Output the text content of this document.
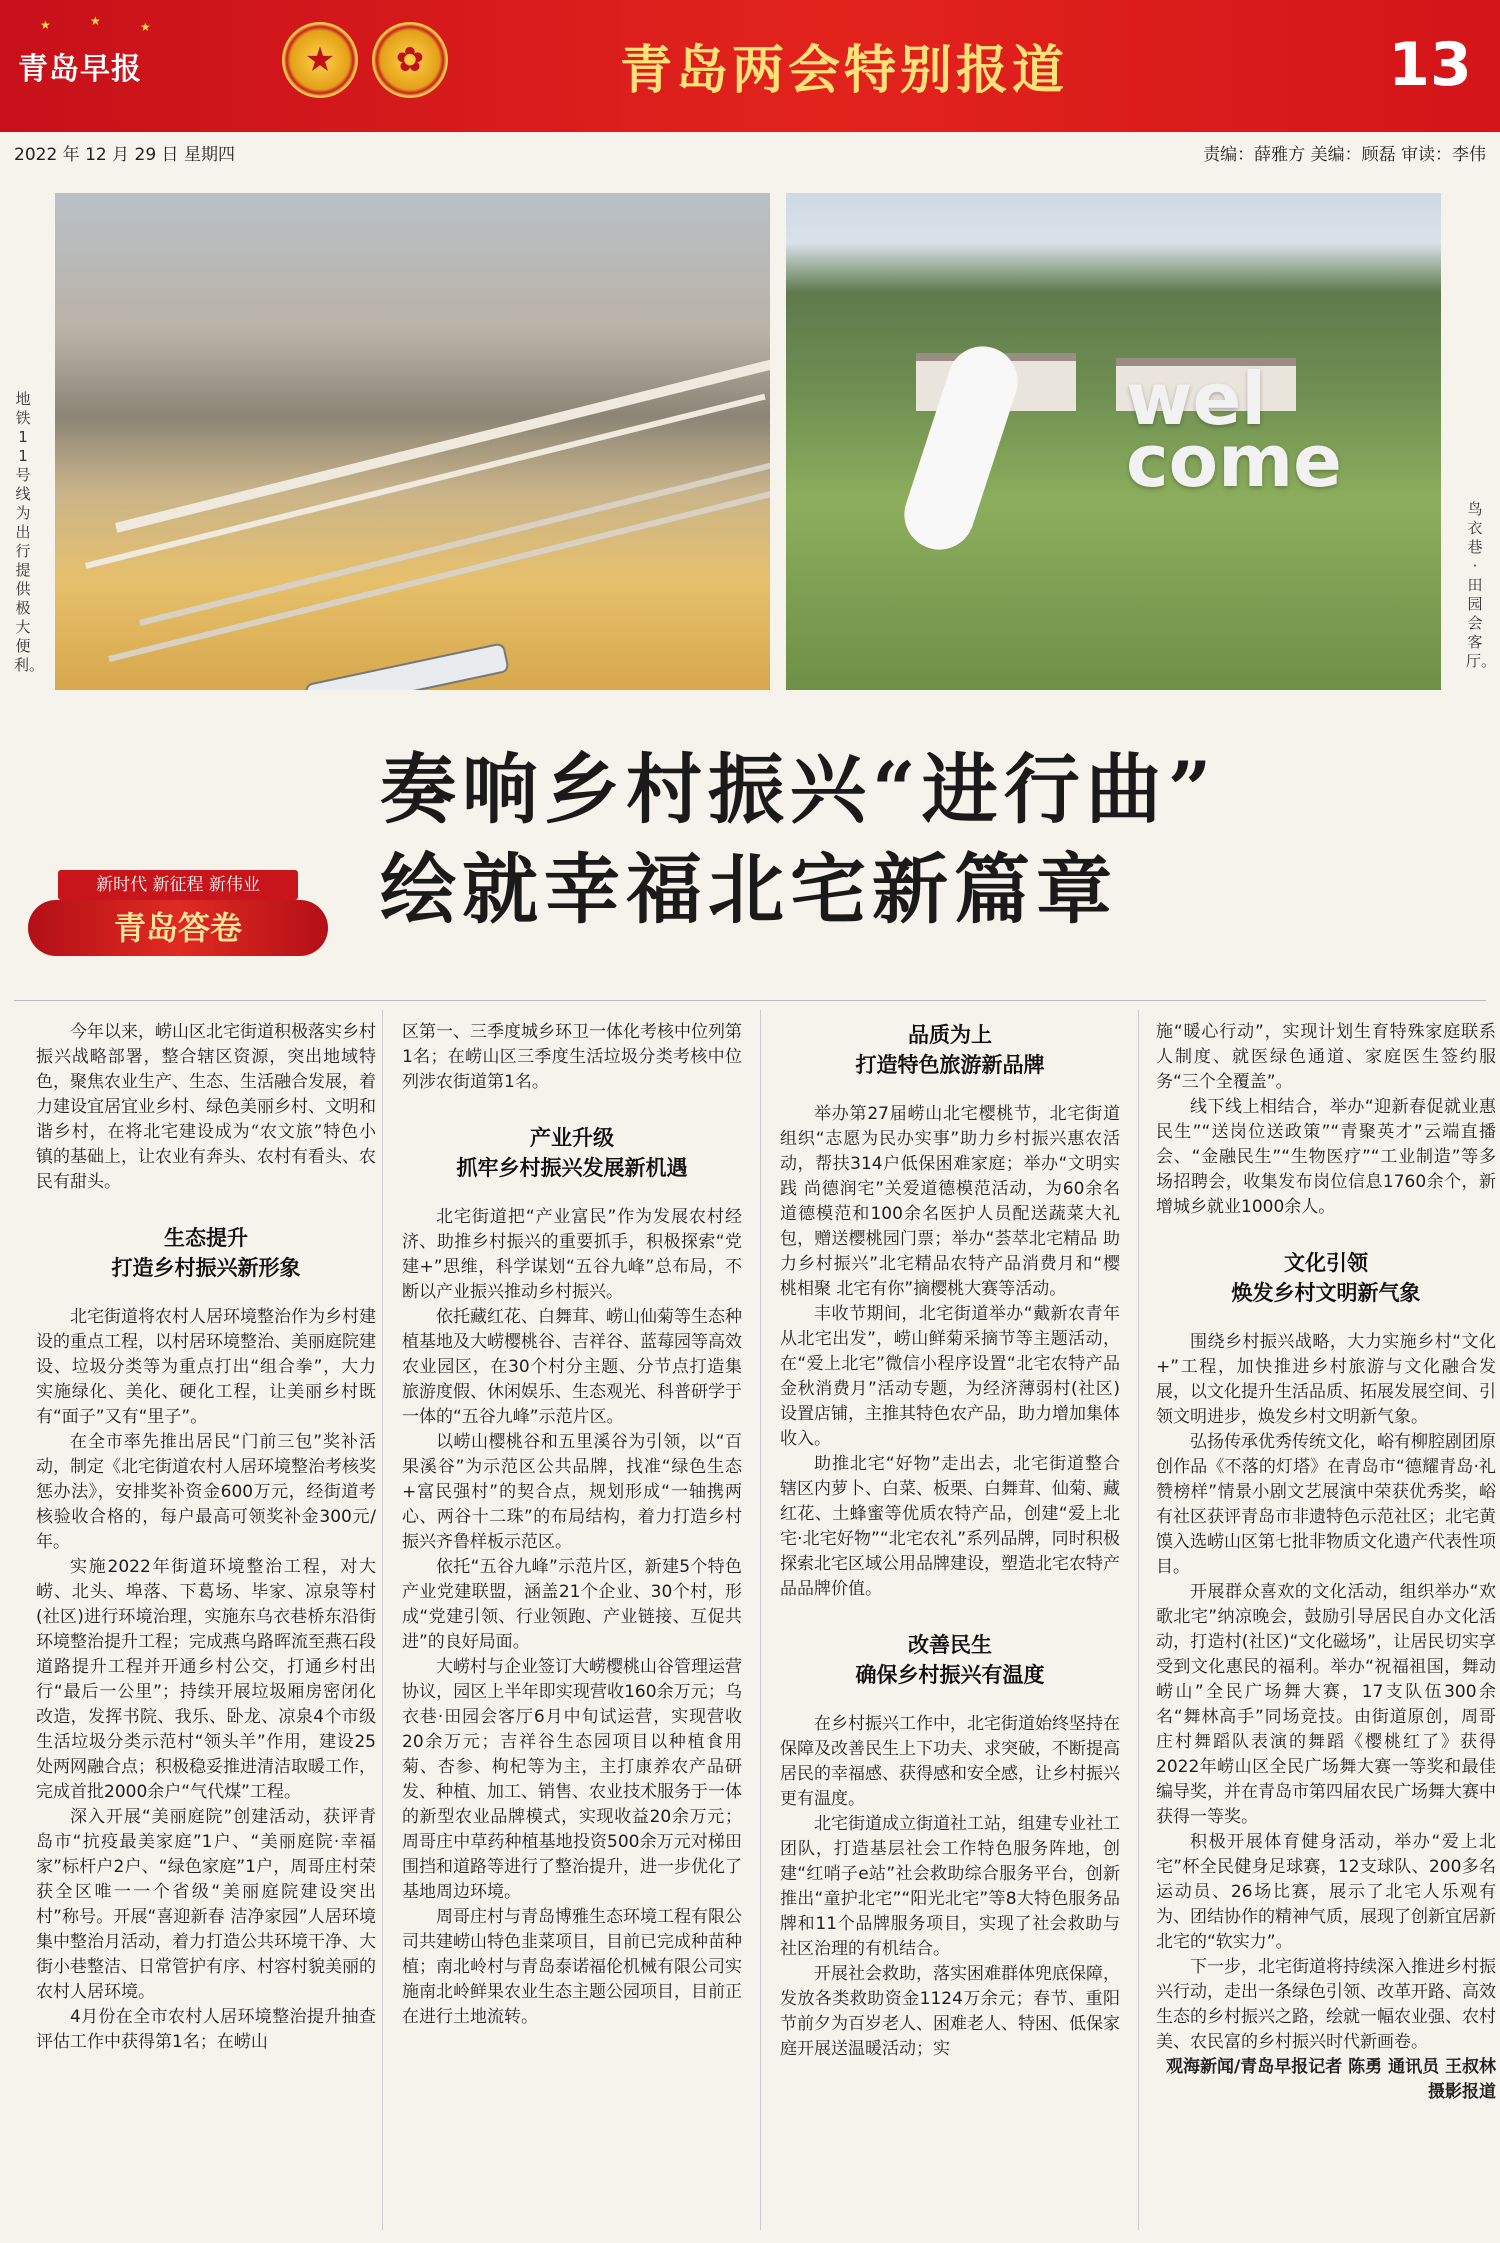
★	★	★
青岛早报	★	✿	青岛两会特别报道	13
2022 年 12 月 29 日 星期四	责编：薛雅方 美编：顾磊 审读：李伟
地铁11号线为出行提供极大便利。
wel come
鸟衣巷·田园会客厅。
奏响乡村振兴“进行曲”
绘就幸福北宅新篇章
新时代 新征程 新伟业
青岛答卷

今年以来，崂山区北宅街道积极落实乡村振兴战略部署，整合辖区资源，突出地域特色，聚焦农业生产、生态、生活融合发展，着力建设宜居宜业乡村、绿色美丽乡村、文明和谐乡村，在将北宅建设成为“农文旅”特色小镇的基础上，让农业有奔头、农村有看头、农民有甜头。

生态提升
打造乡村振兴新形象

北宅街道将农村人居环境整治作为乡村建设的重点工程，以村居环境整治、美丽庭院建设、垃圾分类等为重点打出“组合拳”，大力实施绿化、美化、硬化工程，让美丽乡村既有“面子”又有“里子”。

在全市率先推出居民“门前三包”奖补活动，制定《北宅街道农村人居环境整治考核奖惩办法》，安排奖补资金600万元，经街道考核验收合格的，每户最高可领奖补金300元/年。

实施2022年街道环境整治工程，对大崂、北头、埠落、下葛场、毕家、凉泉等村(社区)进行环境治理，实施东乌衣巷桥东沿街环境整治提升工程；完成燕乌路晖流至燕石段道路提升工程并开通乡村公交，打通乡村出行“最后一公里”；持续开展垃圾厢房密闭化改造，发挥书院、我乐、卧龙、凉泉4个市级生活垃圾分类示范村“领头羊”作用，建设25处两网融合点；积极稳妥推进清洁取暖工作，完成首批2000余户“气代煤”工程。

深入开展“美丽庭院”创建活动，获评青岛市“抗疫最美家庭”1户、“美丽庭院·幸福家”标杆户2户、“绿色家庭”1户，周哥庄村荣获全区唯一一个省级“美丽庭院建设突出村”称号。开展“喜迎新春 洁净家园”人居环境集中整治月活动，着力打造公共环境干净、大街小巷整洁、日常管护有序、村容村貌美丽的农村人居环境。

4月份在全市农村人居环境整治提升抽查评估工作中获得第1名；在崂山

区第一、三季度城乡环卫一体化考核中位列第1名；在崂山区三季度生活垃圾分类考核中位列涉农街道第1名。

产业升级
抓牢乡村振兴发展新机遇

北宅街道把“产业富民”作为发展农村经济、助推乡村振兴的重要抓手，积极探索“党建+”思维，科学谋划“五谷九峰”总布局，不断以产业振兴推动乡村振兴。

依托藏红花、白舞茸、崂山仙菊等生态种植基地及大崂樱桃谷、吉祥谷、蓝莓园等高效农业园区，在30个村分主题、分节点打造集旅游度假、休闲娱乐、生态观光、科普研学于一体的“五谷九峰”示范片区。

以崂山樱桃谷和五里溪谷为引领，以“百果溪谷”为示范区公共品牌，找准“绿色生态+富民强村”的契合点，规划形成“一轴携两心、两谷十二珠”的布局结构，着力打造乡村振兴齐鲁样板示范区。

依托“五谷九峰”示范片区，新建5个特色产业党建联盟，涵盖21个企业、30个村，形成“党建引领、行业领跑、产业链接、互促共进”的良好局面。

大崂村与企业签订大崂樱桃山谷管理运营协议，园区上半年即实现营收160余万元；乌衣巷·田园会客厅6月中旬试运营，实现营收20余万元；吉祥谷生态园项目以种植食用菊、杏参、枸杞等为主，主打康养农产品研发、种植、加工、销售、农业技术服务于一体的新型农业品牌模式，实现收益20余万元；周哥庄中草药种植基地投资500余万元对梯田围挡和道路等进行了整治提升，进一步优化了基地周边环境。

周哥庄村与青岛博雅生态环境工程有限公司共建崂山特色韭菜项目，目前已完成种苗种植；南北岭村与青岛泰诺福伦机械有限公司实施南北岭鲜果农业生态主题公园项目，目前正在进行土地流转。

品质为上
打造特色旅游新品牌

举办第27届崂山北宅樱桃节，北宅街道组织“志愿为民办实事”助力乡村振兴惠农活动，帮扶314户低保困难家庭；举办“文明实践 尚德润宅”关爱道德模范活动，为60余名道德模范和100余名医护人员配送蔬菜大礼包，赠送樱桃园门票；举办“荟萃北宅精品 助力乡村振兴”北宅精品农特产品消费月和“樱桃相聚 北宅有你”摘樱桃大赛等活动。

丰收节期间，北宅街道举办“戴新农青年 从北宅出发”，崂山鲜菊采摘节等主题活动，在“爱上北宅”微信小程序设置“北宅农特产品金秋消费月”活动专题，为经济薄弱村(社区)设置店铺，主推其特色农产品，助力增加集体收入。

助推北宅“好物”走出去，北宅街道整合辖区内萝卜、白菜、板栗、白舞茸、仙菊、藏红花、土蜂蜜等优质农特产品，创建“爱上北宅·北宅好物”“北宅农礼”系列品牌，同时积极探索北宅区域公用品牌建设，塑造北宅农特产品品牌价值。

改善民生
确保乡村振兴有温度

在乡村振兴工作中，北宅街道始终坚持在保障及改善民生上下功夫、求突破，不断提高居民的幸福感、获得感和安全感，让乡村振兴更有温度。

北宅街道成立街道社工站，组建专业社工团队，打造基层社会工作特色服务阵地，创建“红哨子e站”社会救助综合服务平台，创新推出“童护北宅”“阳光北宅”等8大特色服务品牌和11个品牌服务项目，实现了社会救助与社区治理的有机结合。

开展社会救助，落实困难群体兜底保障，发放各类救助资金1124万余元；春节、重阳节前夕为百岁老人、困难老人、特困、低保家庭开展送温暖活动；实

施“暖心行动”，实现计划生育特殊家庭联系人制度、就医绿色通道、家庭医生签约服务“三个全覆盖”。

线下线上相结合，举办“迎新春促就业惠民生”“送岗位送政策”“青聚英才”云端直播会、“金融民生”“生物医疗”“工业制造”等多场招聘会，收集发布岗位信息1760余个，新增城乡就业1000余人。

文化引领
焕发乡村文明新气象

围绕乡村振兴战略，大力实施乡村“文化+”工程，加快推进乡村旅游与文化融合发展，以文化提升生活品质、拓展发展空间、引领文明进步，焕发乡村文明新气象。

弘扬传承优秀传统文化，峪有柳腔剧团原创作品《不落的灯塔》在青岛市“德耀青岛·礼赞榜样”情景小剧文艺展演中荣获优秀奖，峪有社区获评青岛市非遗特色示范社区；北宅黄馍入选崂山区第七批非物质文化遗产代表性项目。

开展群众喜欢的文化活动，组织举办“欢歌北宅”纳凉晚会，鼓励引导居民自办文化活动，打造村(社区)“文化磁场”，让居民切实享受到文化惠民的福利。举办“祝福祖国，舞动崂山”全民广场舞大赛，17支队伍300余名“舞林高手”同场竞技。由街道原创，周哥庄村舞蹈队表演的舞蹈《樱桃红了》获得2022年崂山区全民广场舞大赛一等奖和最佳编导奖，并在青岛市第四届农民广场舞大赛中获得一等奖。

积极开展体育健身活动，举办“爱上北宅”杯全民健身足球赛，12支球队、200多名运动员、26场比赛，展示了北宅人乐观有为、团结协作的精神气质，展现了创新宜居新北宅的“软实力”。

下一步，北宅街道将持续深入推进乡村振兴行动，走出一条绿色引领、改革开路、高效生态的乡村振兴之路，绘就一幅农业强、农村美、农民富的乡村振兴时代新画卷。

观海新闻/青岛早报记者 陈勇 通讯员 王叔林 摄影报道
